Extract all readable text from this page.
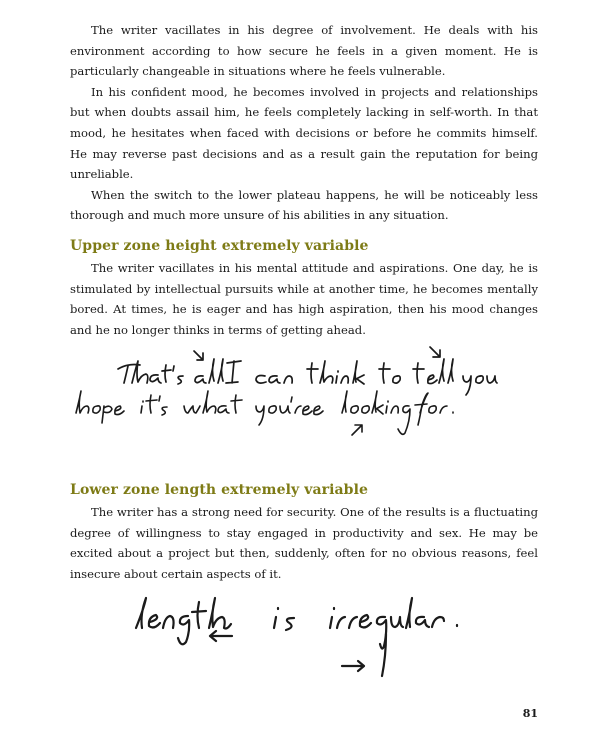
The writer vacillates in his degree of involvement. He deals with his environment according to how secure he feels in a given moment. He is particularly changeable in situations where he feels vulnerable.

In his confident mood, he becomes involved in projects and relationships but when doubts assail him, he feels completely lacking in self-worth. In that mood, he hesitates when faced with decisions or before he commits himself. He may reverse past decisions and as a result gain the reputation for being unreliable.

When the switch to the lower plateau happens, he will be noticeably less thorough and much more unsure of his abilities in any situation.

Upper zone height extremely variable

The writer vacillates in his mental attitude and aspirations. One day, he is stimulated by intellectual pursuits while at another time, he becomes mentally bored. At times, he is eager and has high aspiration, then his mood changes and he no longer thinks in terms of getting ahead.

Lower zone length extremely variable

The writer has a strong need for security. One of the results is a fluctuating degree of willingness to stay engaged in productivity and sex. He may be excited about a project but then, suddenly, often for no obvious reasons, feel insecure about certain aspects of it.

81
